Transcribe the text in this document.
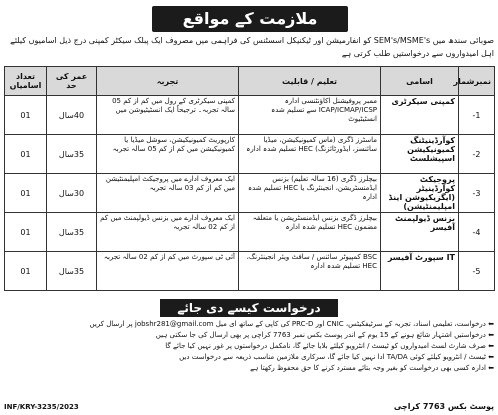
ملازمت کے مواقع
صوبائی سندھ میں SEM's/MSME's کو انفارمیشن اور ٹیکنیکل اسسٹنس کی فراہمی میں مصروف ایک پبلک سیکٹر کمپنی درج ذیل اسامیوں کیلئے اہل امیدواروں سے درخواستیں طلب کرتی ہے
نمبرشمار	اسامی	تعلیم / قابلیت	تجربہ	عمر کی حد	تعداد اسامیاں
1-	کمپنی سیکرٹری	ممبر پروفیشنل اکاؤنٹنسی ادارہ ICAP/ICMAP/ICSP سے تسلیم شدہ انسٹیٹیوٹ	کمپنی سیکرٹری کے رول میں کم از کم 05 سالہ تجربہ۔ ترجیحاً ایک انسٹیٹیوشن میں	40سال	01
2-	کوآرڈینیٹنگ کمیونیکیشن اسپیشلسٹ	ماسٹرز ڈگری (ماس کمیونیکیشن، میڈیا سائنسز، ایڈورٹائزنگ) HEC تسلیم شدہ ادارہ	کارپوریٹ کمیونیکیشن، سوشل میڈیا یا کمیونیکیشن میں کم از کم 05 سالہ تجربہ	35سال	01
3-	پروجیکٹ کوآرڈینیٹر (ایگزیکیوشن اینڈ امپلیمنٹیشن)	بیچلرز ڈگری (16 سالہ تعلیم) بزنس ایڈمنسٹریشن، انجینئرنگ یا HEC تسلیم شدہ ادارہ	ایک معروف ادارے میں پروجیکٹ امپلیمنٹیشن میں کم از کم 03 سالہ تجربہ	30سال	01
4-	بزنس ڈیولپمنٹ آفیسر	بیچلرز ڈگری بزنس ایڈمنسٹریشن یا متعلقہ مضمون HEC تسلیم شدہ ادارہ	ایک معروف ادارے میں بزنس ڈیولپمنٹ میں کم از کم 02 سالہ تجربہ	35سال	01
5-	IT سپورٹ آفیسر	BSC کمپیوٹر سائنس / سافٹ ویئر انجینئرنگ، HEC تسلیم شدہ ادارہ	آئی ٹی سپورٹ میں کم از کم 02 سالہ تجربہ	35سال	01
درخواست کیسے دی جائے
⬅ درخواست، تعلیمی اسناد، تجربہ کے سرٹیفکیٹس، CNIC اور PRC-D کی کاپی کے ساتھ ای میل jobshr281@gmail.com پر ارسال کریں
⬅ درخواستیں اشتہار شائع ہونے کے 15 یوم کے اندر پوسٹ بکس نمبر 7763 کراچی پر بھی ارسال کی جا سکتی ہیں
⬅ صرف شارٹ لسٹ امیدواروں کو ٹیسٹ / انٹرویو کیلئے بلایا جائے گا، نامکمل درخواستوں پر غور نہیں کیا جائے گا
⬅ ٹیسٹ / انٹرویو کیلئے کوئی TA/DA ادا نہیں کیا جائے گا، سرکاری ملازمین مناسب ذریعہ سے درخواست دیں
⬅ ادارہ کسی بھی درخواست کو بغیر وجہ بتائے مسترد کرنے کا حق محفوظ رکھتا ہے
INF/KRY-3235/2023	پوسٹ بکس 7763 کراچی
